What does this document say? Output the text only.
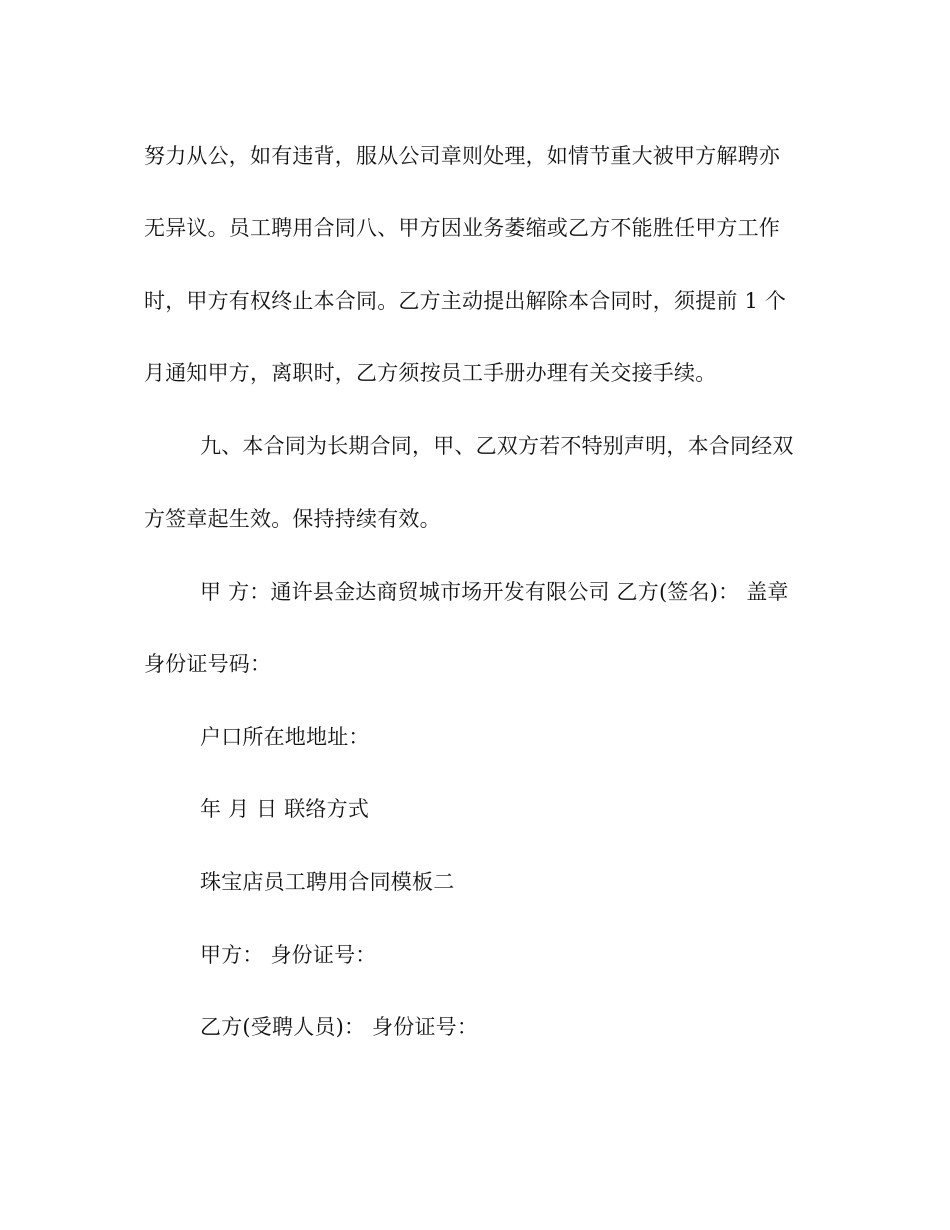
努力从公，如有违背，服从公司章则处理，如情节重大被甲方解聘亦
无异议。员工聘用合同八、甲方因业务萎缩或乙方不能胜任甲方工作
时，甲方有权终止本合同。乙方主动提出解除本合同时，须提前 1 个
月通知甲方，离职时，乙方须按员工手册办理有关交接手续。
九、本合同为长期合同，甲、乙双方若不特别声明，本合同经双
方签章起生效。保持持续有效。
甲 方：通许县金达商贸城市场开发有限公司 乙方(签名)： 盖章
身份证号码：
户口所在地地址：
年 月 日 联络方式
珠宝店员工聘用合同模板二
甲方： 身份证号：
乙方(受聘人员)： 身份证号：
